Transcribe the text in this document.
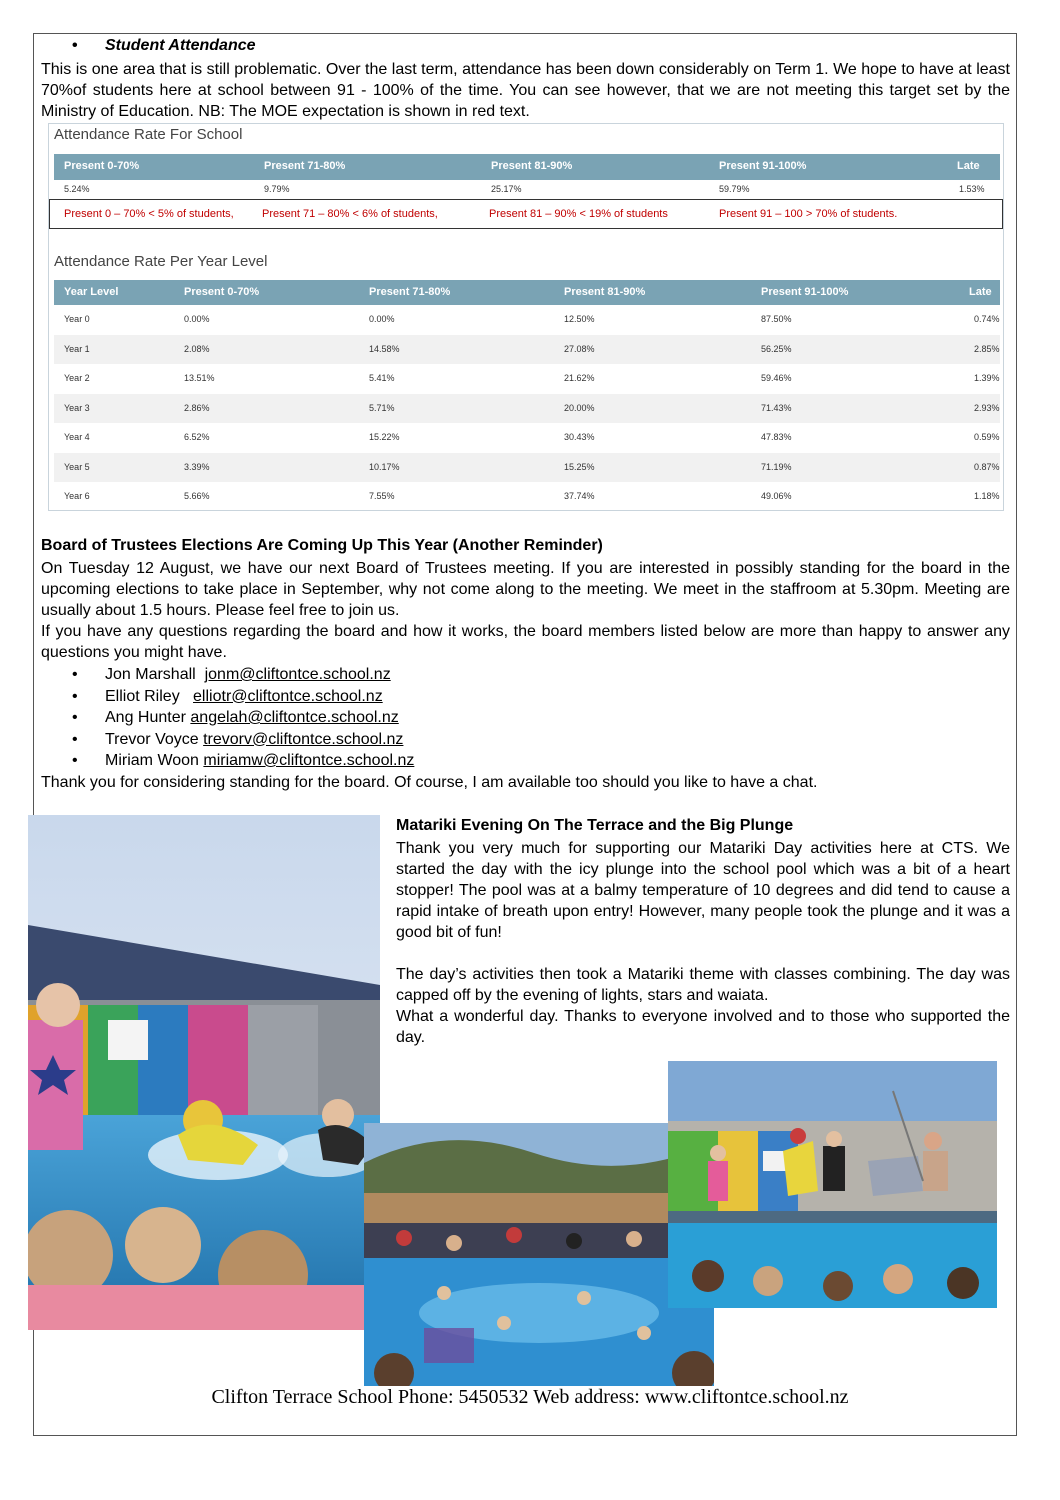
• Student Attendance
This is one area that is still problematic. Over the last term, attendance has been down considerably on Term 1. We hope to have at least 70%of students here at school between 91 - 100% of the time. You can see however, that we are not meeting this target set by the Ministry of Education. NB: The MOE expectation is shown in red text.
Attendance Rate For School
Present 0-70%	Present 71-80%	Present 81-90%	Present 91-100%	Late
5.24%	9.79%	25.17%	59.79%	1.53%
Present 0 – 70% < 5% of students,	Present 71 – 80% < 6% of students,	Present 81 – 90% < 19% of students	Present 91 – 100 > 70% of students.
Attendance Rate Per Year Level
Year Level	Present 0-70%	Present 71-80%	Present 81-90%	Present 91-100%	Late
Year 0	0.00%	0.00%	12.50%	87.50%	0.74%
Year 1	2.08%	14.58%	27.08%	56.25%	2.85%
Year 2	13.51%	5.41%	21.62%	59.46%	1.39%
Year 3	2.86%	5.71%	20.00%	71.43%	2.93%
Year 4	6.52%	15.22%	30.43%	47.83%	0.59%
Year 5	3.39%	10.17%	15.25%	71.19%	0.87%
Year 6	5.66%	7.55%	37.74%	49.06%	1.18%
Board of Trustees Elections Are Coming Up This Year (Another Reminder)
On Tuesday 12 August, we have our next Board of Trustees meeting. If you are interested in possibly standing for the board in the upcoming elections to take place in September, why not come along to the meeting. We meet in the staffroom at 5.30pm. Meeting are usually about 1.5 hours. Please feel free to join us.
If you have any questions regarding the board and how it works, the board members listed below are more than happy to answer any questions you might have.
• Jon Marshall  jonm@cliftontce.school.nz
• Elliot Riley   elliotr@cliftontce.school.nz
• Ang Hunter angelah@cliftontce.school.nz
• Trevor Voyce trevorv@cliftontce.school.nz
• Miriam Woon miriamw@cliftontce.school.nz
Thank you for considering standing for the board. Of course, I am available too should you like to have a chat.
Matariki Evening On The Terrace and the Big Plunge
Thank you very much for supporting our Matariki Day activities here at CTS. We started the day with the icy plunge into the school pool which was a bit of a heart stopper! The pool was at a balmy temperature of 10 degrees and did tend to cause a rapid intake of breath upon entry! However, many people took the plunge and it was a good bit of fun!
The day’s activities then took a Matariki theme with classes combining. The day was capped off by the evening of lights, stars and waiata.
What a wonderful day. Thanks to everyone involved and to those who supported the day.
Clifton Terrace School Phone: 5450532 Web address: www.cliftontce.school.nz
